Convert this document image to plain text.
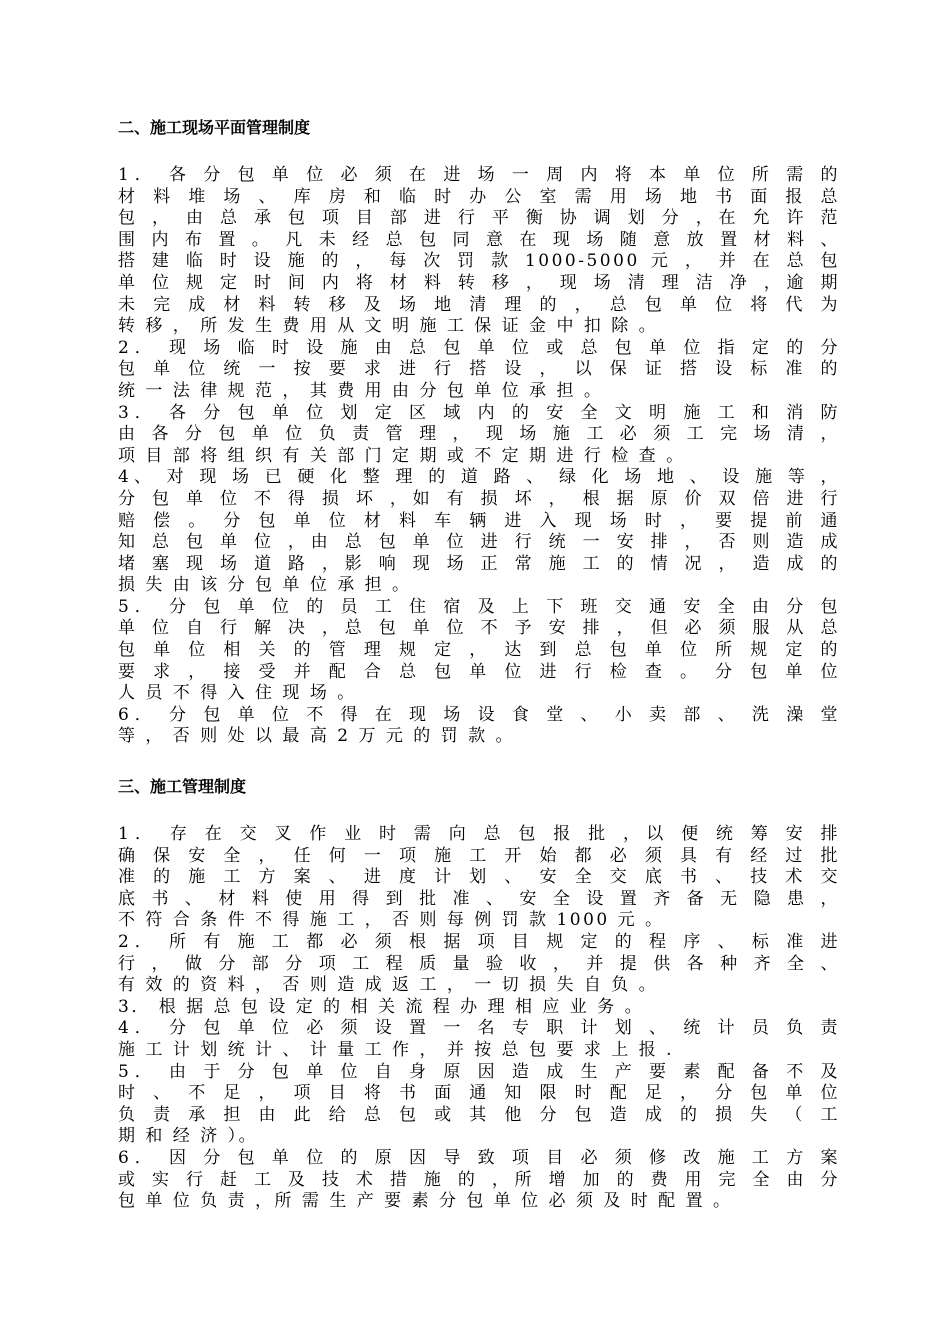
二、施工现场平面管理制度
1． 各 分 包 单 位 必 须 在 进 场 一 周 内 将 本 单 位 所 需 的
材 料 堆 场 、 库 房 和 临 时 办 公 室 需 用 场 地 书 面 报 总
包 ， 由 总 承 包 项 目 部 进 行 平 衡 协 调 划 分 ，在 允 许 范
围 内 布 置 。 凡 未 经 总 包 同 意 在 现 场 随 意 放 置 材 料 、
搭 建 临 时 设 施 的 ， 每 次 罚 款 1000-5000 元 ， 并 在 总 包
单 位 规 定 时 间 内 将 材 料 转 移 ， 现 场 清 理 洁 净 ，逾 期
未 完 成 材 料 转 移 及 场 地 清 理 的 ， 总 包 单 位 将 代 为
转 移 ， 所 发 生 费 用 从 文 明 施 工 保 证 金 中 扣 除 。
2． 现 场 临 时 设 施 由 总 包 单 位 或 总 包 单 位 指 定 的 分
包 单 位 统 一 按 要 求 进 行 搭 设 ， 以 保 证 搭 设 标 准 的
统 一 法 律 规 范 ， 其 费 用 由 分 包 单 位 承 担 。
3． 各 分 包 单 位 划 定 区 域 内 的 安 全 文 明 施 工 和 消 防
由 各 分 包 单 位 负 责 管 理 ， 现 场 施 工 必 须 工 完 场 清 ，
项 目 部 将 组 织 有 关 部 门 定 期 或 不 定 期 进 行 检 查 。
4、 对 现 场 已 硬 化 整 理 的 道 路 、 绿 化 场 地 、 设 施 等 ，
分 包 单 位 不 得 损 坏 ，如 有 损 坏 ， 根 据 原 价 双 倍 进 行
赔 偿 。 分 包 单 位 材 料 车 辆 进 入 现 场 时 ， 要 提 前 通
知 总 包 单 位 ，由 总 包 单 位 进 行 统 一 安 排 ， 否 则 造 成
堵 塞 现 场 道 路 ，影 响 现 场 正 常 施 工 的 情 况 ， 造 成 的
损 失 由 该 分 包 单 位 承 担 。
5． 分 包 单 位 的 员 工 住 宿 及 上 下 班 交 通 安 全 由 分 包
单 位 自 行 解 决 ，总 包 单 位 不 予 安 排 ， 但 必 须 服 从 总
包 单 位 相 关 的 管 理 规 定 ， 达 到 总 包 单 位 所 规 定 的
要 求 ， 接 受 并 配 合 总 包 单 位 进 行 检 查 。 分 包 单 位
人 员 不 得 入 住 现 场 。
6． 分 包 单 位 不 得 在 现 场 设 食 堂 、 小 卖 部 、 洗 澡 堂
等 ， 否 则 处 以 最 高 2 万 元 的 罚 款 。
三、施工管理制度
1． 存 在 交 叉 作 业 时 需 向 总 包 报 批 ，以 便 统 筹 安 排
确 保 安 全 ， 任 何 一 项 施 工 开 始 都 必 须 具 有 经 过 批
准 的 施 工 方 案 、 进 度 计 划 、 安 全 交 底 书 、 技 术 交
底 书 、 材 料 使 用 得 到 批 准 、 安 全 设 置 齐 备 无 隐 患 ，
不 符 合 条 件 不 得 施 工 ， 否 则 每 例 罚 款 1000 元 。
2． 所 有 施 工 都 必 须 根 据 项 目 规 定 的 程 序 、 标 准 进
行 ， 做 分 部 分 项 工 程 质 量 验 收 ， 并 提 供 各 种 齐 全 、
有 效 的 资 料 ， 否 则 造 成 返 工 ， 一 切 损 失 自 负 。
3． 根 据 总 包 设 定 的 相 关 流 程 办 理 相 应 业 务 。
4． 分 包 单 位 必 须 设 置 一 名 专 职 计 划 、 统 计 员 负 责
施 工 计 划 统 计 、 计 量 工 作 ， 并 按 总 包 要 求 上 报 .
5． 由 于 分 包 单 位 自 身 原 因 造 成 生 产 要 素 配 备 不 及
时 、 不 足 ， 项 目 将 书 面 通 知 限 时 配 足 ， 分 包 单 位
负 责 承 担 由 此 给 总 包 或 其 他 分 包 造 成 的 损 失 （ 工
期 和 经 济 ）。
6． 因 分 包 单 位 的 原 因 导 致 项 目 必 须 修 改 施 工 方 案
或 实 行 赶 工 及 技 术 措 施 的 ，所 增 加 的 费 用 完 全 由 分
包 单 位 负 责 ，所 需 生 产 要 素 分 包 单 位 必 须 及 时 配 置 。
